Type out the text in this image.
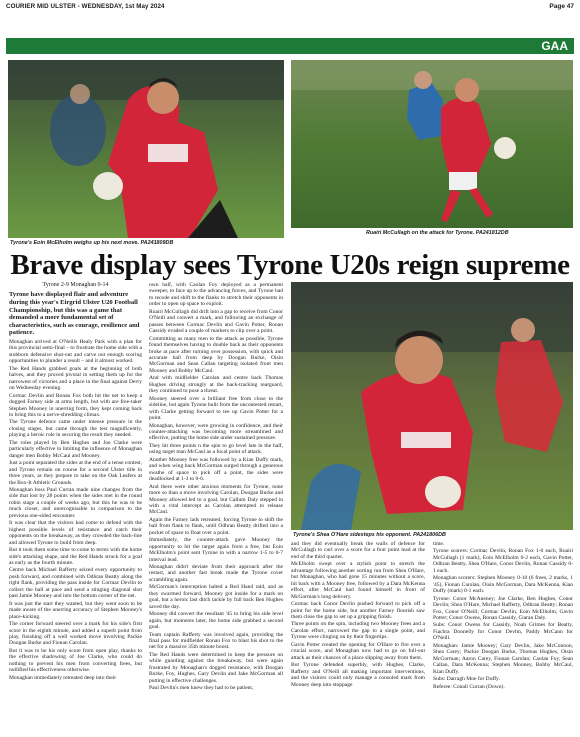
COURIER MID ULSTER - WEDNESDAY, 1st May 2024	Page 47
Tyrone's Eoin McElholm weighs up his next move. PA241809DB
Ruairi McCullagh on the attack for Tyrone. PA241812DB
Brave display sees Tyrone U20s reign supreme

Tyrone 2-9 Monaghan 0-14

Tyrone have displayed flair and adventure during this year's Eirgrid Ulster U20 Football Championship, but this was a game that demanded a more fundamental set of characteristics, such as courage, resilience and patience.

Monaghan arrived at O'Neills Healy Park with a plan for this provincial semi-final – to frustrate the home side with a stubborn defensive shut-out and carve out enough scoring opportunities to plunder a result – and it almost worked.

The Red Hands grabbed goals at the beginning of both halves, and they proved pivotal in setting them up for the narrowest of victories and a place in the final against Derry on Wednesday evening.

Cormac Devlin and Ronan Fox both hit the net to keep a dogged Farney side at arms length, but with are free-taker Stephen Mooney in unerring form, they kept coming back to bring this to a nerve-shredding climax.

The Tyrone defence came under intense pressure in the closing stages, but came through the test magnificently, playing a heroic role in securing the result they needed.

The roles played by Ben Hughes and Joe Clarke were particularly effective in limiting the influence of Monaghan danger men Bobby McCaul and Mooney.

Just a point separated the sides at the end of a tense contest, and Tyrone remain on course for a second Ulster title in three years, as they prepare to take on the Oak Leafers at the Box-It Athletic Grounds.

Monaghan boss Paul Curran made nine changes from the side that lost by 28 points when the sides met in the round robin stage a couple of weeks ago, but this he was to be much closer, and unrecognisable in comparison to the previous one-sided encounter.

It was clear that the visitors had come to defend with the highest possible levels of resistance and catch their opponents on the breakaway, as they crowded the back-line and allowed Tyrone to build from deep.

But it took them some time to come to terms with the home side's attacking shape, and the Red Hands struck for a goal as early as the fourth minute.

Centre back Michael Rafferty seized every opportunity to push forward, and combined with Odhran Beatty along the right flank, providing the pass inside for Cormac Devlin to collect the ball at pace and send a stinging diagonal shot past Jamie Mooney and into the bottom corner of the net.

It was just the start they wanted, but they went soon to be made aware of the unerring accuracy of Stephen Mooney's place-kicking.

The corner forward steered over a mark for his side's first score in the eighth minute, and added a superb point from play, finishing off a well worked move involving Packie Doogan Burke and Fionan Carolan.

But it was to be his only score from open play, thanks to the effective shadowing of Joe Clarke, who could do nothing to prevent his men from converting frees, but nullified his effectiveness otherwise.

Monaghan immediately retreated deep into their

own half, with Caolan Foy deployed as a permanent sweeper, to face up to the advancing forces, and Tyrone had to recode and shift to the flanks to stretch their opponents in order to open up space to exploit.

Ruairi McCullagh did drift into a gap to receive from Conor O'Neill and convert a mark, and following an exchange of passes between Cormac Devlin and Gavin Potter, Ronan Cassidy evaded a couple of markers to clip over a point.

Committing as many men to the attack as possible, Tyrone found themselves having to double back as their opponents broke at pace after turning over possession, with quick and accurate ball from deep by Doogan Burke, Oisin McGorman and Sean Callan targeting isolated front men Mooney and Bobby McCaul.

And with midfielder Carolan and centre back Thomas Hughes driving strongly at the back-tracking rearguard, they continued to pose a threat.

Mooney steered over a brilliant free from close to the sideline, but again Tyrone built from the uncontested restart, with Clarke getting forward to tee up Gavin Potter for a point.

Monaghan, however, were growing in confidence, and their counter-attacking was becoming more streamlined and effective, putting the home side under sustained pressure.

They hit three points n the spin to go level late in the half, using target man McCaul as a focal point of attack.

Another Mooney free was followed by a Kian Duffy mark, and when wing back McGorman surged through a generous swathe of space to pick off a point, the sides were deadlocked at 1-3 to 0-6.

And there were other anxious moments for Tyrone, none more so than a move involving Carolan, Doogan Burke and Mooney allowed led to a goal, but Callum Daly stepped in with a vital intercept as Carolan attempted to release McCaul.

Again the Farney lads retreated, forcing Tyrone to shift the ball from flank to flank, until Odhran Beatty drifted into a pocket of space to float over a point.

Immediately, the counter-attack gave Mooney the opportunity to hit the target again from a free, but Eoin McElholm's point sent Tyrone in with a narrow 1-5 to 0-7 interval lead.

Monaghan didn't deviate from their approach after the restart, and another fast break made the Tyrone cover scrambling again.

McGorman's interception halted a Red Hand raid, and as they swarmed forward, Mooney got inside for a mark on goal, but a heroic last ditch tackle by full back Ben Hughes saved the day.

Mooney did convert the resultant '45 to bring his side level again, but moments later, the home side grabbed a second goal.

Team captain Rafferty was involved again, providing the final pass for midfielder Ronan Fox to blast his shot to the net for a massive 35th minute boost.

The Red Hands were determined to keep the pressure on while guarding against the breakaway, but were again frustrated by Monaghan's dogged resistance, with Doogan Burke, Foy, Hughes, Gary Devlin and Jake McGorman all putting in effective challenges.

Paul Devlin's men knew they had to be patient,

Tyrone's Shea O'Hare sidesteps his opponent. PA241806DB

and they did eventually break the walls of defence for McCullagh to curl over a score for a four point lead at the end of the third quarter.

McElholm swept over a stylish point to stretch the advantage following another sorting run from Shea O'Hare, but Monaghan, who had gone 15 minutes without a score, hit back with a Mooney free, followed by a Dara McKenna effort, after McCaul had found himself in front of McGorman's long delivery.

Cormac back Conor Devlin pushed forward to pick off a point for the home side, but another Farney flourish saw them close the gap to set up a gripping finish.

Three points on the spin, including two Mooney frees and a Carolan effort, narrowed the gap to a single point, and Tyrone were clinging on by their fingertips.

Gavin Potter created the opening for O'Hare to fire over a crucial score, and Monaghan now had to go on full-out attack as their chances of a place slipping away from them.

But Tyrone defended superbly, with Hughes, Clarke, Rafferty and O'Neill all making important interventions, and the visitors could only manage a consoled mark from Mooney deep into stoppage

time.

Tyrone scorers: Cormac Devlin, Ronan Fox 1-0 each, Ruairi McCullagh (1 mark), Eoin McElholm 0-2 each, Gavin Potter, Odhran Beatty, Shea O'Hare, Conor Devlin, Ronan Cassidy 0-1 each.

Monaghan scorers: Stephen Mooney 0-10 (6 frees, 2 marks, 1 '45), Fionan Carolan, Oisin McGorman, Dara McKenna, Kian Duffy (mark) 0-1 each.

Tyrone: Conor McAneney; Joe Clarke, Ben Hughes, Conor Devlin; Shea O'Hare, Michael Rafferty, Odhran Beatty; Ronan Fox, Conor O'Neill; Cormac Devlin, Eoin McElholm, Gavin Potter; Conor Owens, Ronan Cassidy, Ciaran Daly.

Subs: Conor Owens for Cassidy, Noah Grimes for Beatty, Fiachra Donnelly for Conor Devlin, Paddy McCann for O'Neill.

Monaghan: Jamie Mooney; Gary Devlin, Jake McConnon, Shea Carey; Packie Doogan Burke, Thomas Hughes, Oisin McGorman; Aaron Carey, Fionan Carolan; Caolan Foy, Sean Callan, Dara McKenna; Stephen Mooney, Bobby McCaul, Kian Duffy.

Subs: Darragh Moe for Duffy.

Referee: Conall Curran (Down).

GAA
